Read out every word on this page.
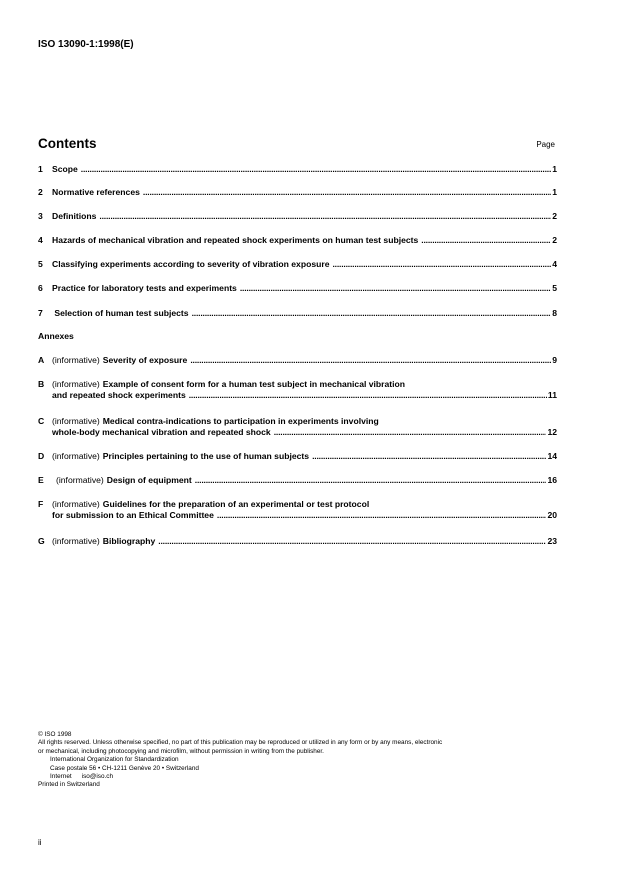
ISO 13090-1:1998(E)
Contents	Page
1	Scope .....	1
2	Normative references .....	1
3	Definitions .....	2
4	Hazards of mechanical vibration and repeated shock experiments on human test subjects .....	2
5	Classifying experiments according to severity of vibration exposure .....	4
6	Practice for laboratory tests and experiments .....	5
7	Selection of human test subjects .....	8
A (informative) Severity of exposure .....	9
B (informative) Example of consent form for a human test subject in mechanical vibration
and repeated shock experiments .....	11
C (informative) Medical contra-indications to participation in experiments involving
whole-body mechanical vibration and repeated shock .....	12
D (informative) Principles pertaining to the use of human subjects .....	14
E	(informative) Design of equipment .....	16
F	(informative) Guidelines for the preparation of an experimental or test protocol
for submission to an Ethical Committee .....	20
G (informative) Bibliography .....	23
Annexes
© ISO 1998
All rights reserved. Unless otherwise specified, no part of this publication may be reproduced or utilized in any form or by any means, electronic
or mechanical, including photocopying and microfilm, without permission in writing from the publisher.
International Organization for Standardization
Case postale 56 • CH-1211 Genève 20 • Switzerland
Internet iso@iso.ch
Printed in Switzerland
ii
